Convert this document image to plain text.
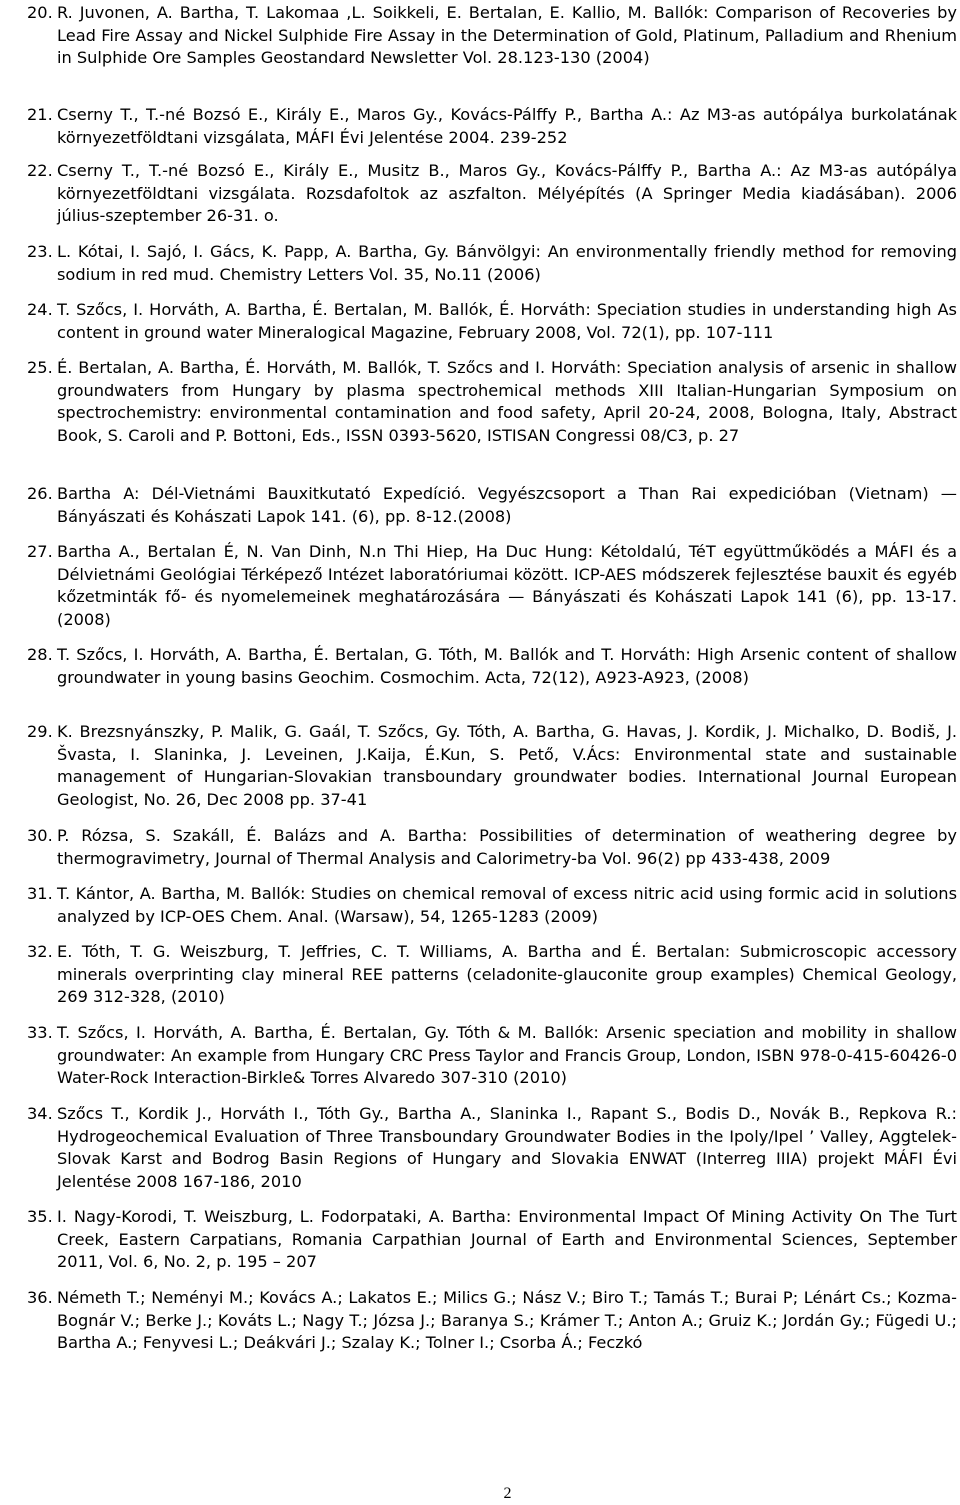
20. R. Juvonen, A. Bartha, T. Lakomaa ,L. Soikkeli, E. Bertalan, E. Kallio, M. Ballók: Comparison of Recoveries by Lead Fire Assay and Nickel Sulphide Fire Assay in the Determination of Gold, Platinum, Palladium and Rhenium in Sulphide Ore Samples Geostandard Newsletter Vol. 28.123-130 (2004)
21. Cserny T., T.-né Bozsó E., Király E., Maros Gy., Kovács-Pálffy P., Bartha A.: Az M3-as autópálya burkolatának környezetföldtani vizsgálata, MÁFI Évi Jelentése 2004. 239-252
22. Cserny T., T.-né Bozsó E., Király E., Musitz B., Maros Gy., Kovács-Pálffy P., Bartha A.: Az M3-as autópálya környezetföldtani vizsgálata. Rozsdafoltok az aszfalton. Mélyépítés (A Springer Media kiadásában). 2006 július-szeptember 26-31. o.
23. L. Kótai, I. Sajó, I. Gács, K. Papp, A. Bartha, Gy. Bánvölgyi: An environmentally friendly method for removing sodium in red mud. Chemistry Letters Vol. 35, No.11 (2006)
24. T. Szőcs, I. Horváth, A. Bartha, É. Bertalan, M. Ballók, É. Horváth: Speciation studies in understanding high As content in ground water Mineralogical Magazine, February 2008, Vol. 72(1), pp. 107-111
25. É. Bertalan, A. Bartha, É. Horváth, M. Ballók, T. Szőcs and I. Horváth: Speciation analysis of arsenic in shallow groundwaters from Hungary by plasma spectrohemical methods XIII Italian-Hungarian Symposium on spectrochemistry: environmental contamination and food safety, April 20-24, 2008, Bologna, Italy, Abstract Book, S. Caroli and P. Bottoni, Eds., ISSN 0393-5620, ISTISAN Congressi 08/C3, p. 27
26. Bartha A: Dél-Vietnámi Bauxitkutató Expedíció. Vegyészcsoport a Than Rai expedicióban (Vietnam) — Bányászati és Kohászati Lapok 141. (6), pp. 8-12.(2008)
27. Bartha A., Bertalan É, N. Van Dinh, N.n Thi Hiep, Ha Duc Hung: Kétoldalú, TéT együttműködés a MÁFI és a Délvietnámi Geológiai Térképező Intézet laboratóriumai között. ICP-AES módszerek fejlesztése bauxit és egyéb kőzetminták fő- és nyomelemeinek meghatározására — Bányászati és Kohászati Lapok 141 (6), pp. 13-17. (2008)
28. T. Szőcs, I. Horváth, A. Bartha, É. Bertalan, G. Tóth, M. Ballók and T. Horváth: High Arsenic content of shallow groundwater in young basins Geochim. Cosmochim. Acta, 72(12), A923-A923, (2008)
29. K. Brezsnyánszky, P. Malik, G. Gaál, T. Szőcs, Gy. Tóth, A. Bartha, G. Havas, J. Kordik, J. Michalko, D. Bodiš, J. Švasta, I. Slaninka, J. Leveinen, J.Kaija, É.Kun, S. Pető, V.Ács: Environmental state and sustainable management of Hungarian-Slovakian transboundary groundwater bodies. International Journal European Geologist, No. 26, Dec 2008 pp. 37-41
30. P. Rózsa, S. Szakáll, É. Balázs and A. Bartha: Possibilities of determination of weathering degree by thermogravimetry, Journal of Thermal Analysis and Calorimetry-ba Vol. 96(2) pp 433-438, 2009
31. T. Kántor, A. Bartha, M. Ballók: Studies on chemical removal of excess nitric acid using formic acid in solutions analyzed by ICP-OES Chem. Anal. (Warsaw), 54, 1265-1283 (2009)
32. E. Tóth, T. G. Weiszburg, T. Jeffries, C. T. Williams, A. Bartha and É. Bertalan: Submicroscopic accessory minerals overprinting clay mineral REE patterns (celadonite-glauconite group examples) Chemical Geology, 269 312-328, (2010)
33. T. Szőcs, I. Horváth, A. Bartha, É. Bertalan, Gy. Tóth & M. Ballók: Arsenic speciation and mobility in shallow groundwater: An example from Hungary CRC Press Taylor and Francis Group, London, ISBN 978-0-415-60426-0 Water-Rock Interaction-Birkle& Torres Alvaredo 307-310 (2010)
34. Szőcs T., Kordik J., Horváth I., Tóth Gy., Bartha A., Slaninka I., Rapant S., Bodis D., Novák B., Repkova R.: Hydrogeochemical Evaluation of Three Transboundary Groundwater Bodies in the Ipoly/Ipel ’ Valley, Aggtelek-Slovak Karst and Bodrog Basin Regions of Hungary and Slovakia ENWAT (Interreg IIIA) projekt MÁFI Évi Jelentése 2008 167-186, 2010
35. I. Nagy-Korodi, T. Weiszburg, L. Fodorpataki, A. Bartha: Environmental Impact Of Mining Activity On The Turt Creek, Eastern Carpatians, Romania Carpathian Journal of Earth and Environmental Sciences, September 2011, Vol. 6, No. 2, p. 195 – 207
36. Németh T.; Neményi M.; Kovács A.; Lakatos E.; Milics G.; Nász V.; Biro T.; Tamás T.; Burai P; Lénárt Cs.; Kozma-Bognár V.; Berke J.; Kováts L.; Nagy T.; Józsa J.; Baranya S.; Krámer T.; Anton A.; Gruiz K.; Jordán Gy.; Fügedi U.; Bartha A.; Fenyvesi L.; Deákvári J.; Szalay K.; Tolner I.; Csorba Á.; Feczkó
2
